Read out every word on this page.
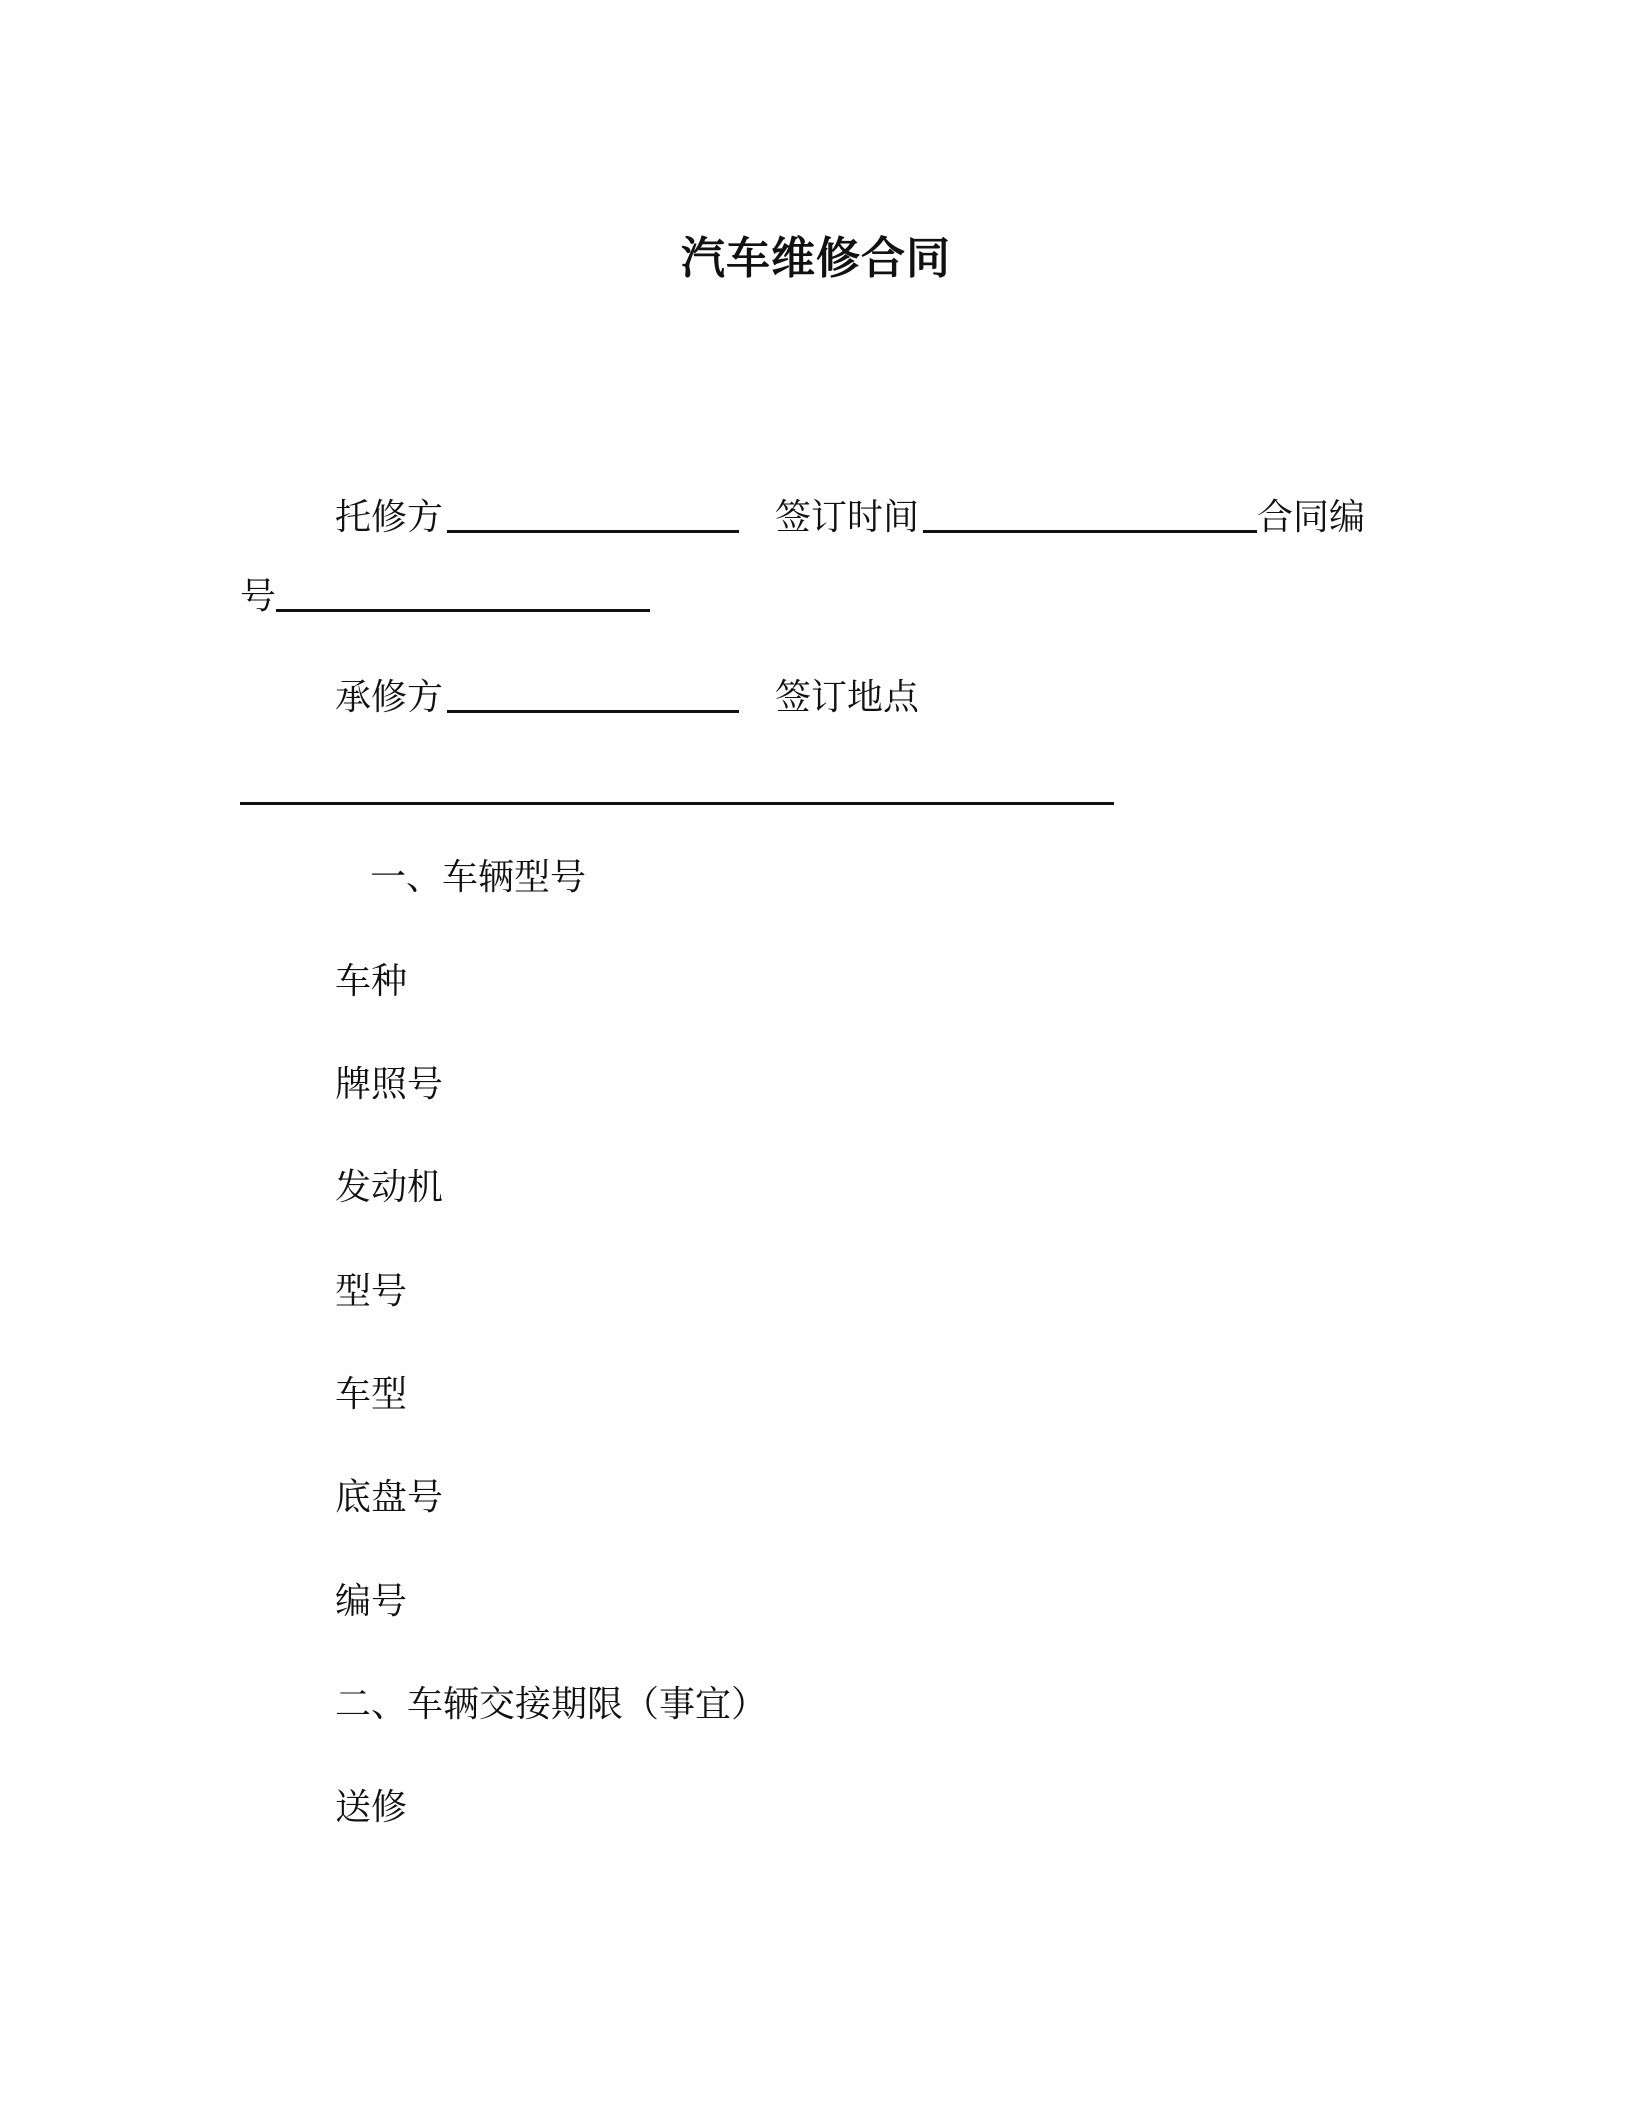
汽车维修合同
托修方	签订时间	合同编
号
承修方	签订地点
一、车辆型号
车种
牌照号
发动机
型号
车型
底盘号
编号
二、车辆交接期限（事宜）
送修
